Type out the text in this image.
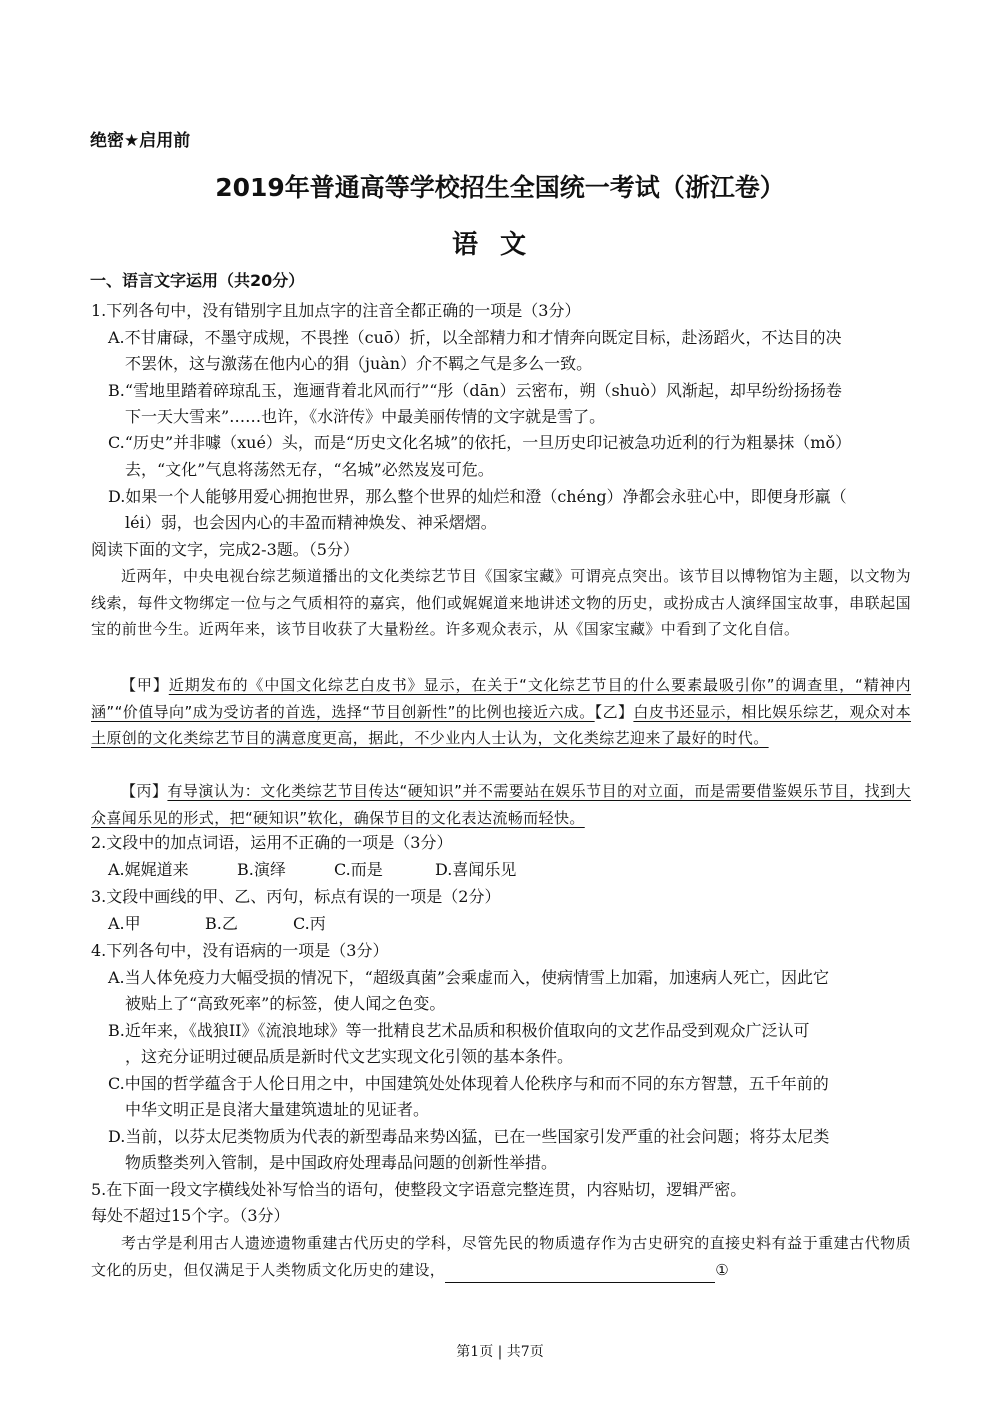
绝密★启用前
2019年普通高等学校招生全国统一考试（浙江卷）
语文
一、语言文字运用（共20分）
1.下列各句中，没有错别字且加点字的注音全都正确的一项是（3分）
A.不甘庸碌，不墨守成规，不畏挫（cuō）折，以全部精力和才情奔向既定目标，赴汤蹈火，不达目的决
不罢休，这与激荡在他内心的狷（juàn）介不羁之气是多么一致。
B.“雪地里踏着碎琼乱玉，迤逦背着北风而行”“彤（dān）云密布，朔（shuò）风渐起，却早纷纷扬扬卷
下一天大雪来”……也许，《水浒传》中最美丽传情的文字就是雪了。
C.“历史”并非噱（xué）头，而是“历史文化名城”的依托，一旦历史印记被急功近利的行为粗暴抹（mǒ）
去，“文化”气息将荡然无存，“名城”必然岌岌可危。
D.如果一个人能够用爱心拥抱世界，那么整个世界的灿烂和澄（chéng）净都会永驻心中，即便身形羸（
léi）弱，也会因内心的丰盈而精神焕发、神采熠熠。
阅读下面的文字，完成2-3题。（5分）
近两年，中央电视台综艺频道播出的文化类综艺节目《国家宝藏》可谓亮点突出。该节目以博物馆为主题，以文物为线索，每件文物绑定一位与之气质相符的嘉宾，他们或娓娓道来地讲述文物的历史，或扮成古人演绎国宝故事，串联起国宝的前世今生。近两年来，该节目收获了大量粉丝。许多观众表示，从《国家宝藏》中看到了文化自信。
【甲】近期发布的《中国文化综艺白皮书》显示，在关于“文化综艺节目的什么要素最吸引你”的调查里，“精神内涵”“价值导向”成为受访者的首选，选择“节目创新性”的比例也接近六成。【乙】白皮书还显示，相比娱乐综艺，观众对本土原创的文化类综艺节目的满意度更高，据此，不少业内人士认为，文化类综艺迎来了最好的时代。
【丙】有导演认为：文化类综艺节目传达“硬知识”并不需要站在娱乐节目的对立面，而是需要借鉴娱乐节目，找到大众喜闻乐见的形式，把“硬知识”软化，确保节目的文化表达流畅而轻快。
2.文段中的加点词语，运用不正确的一项是（3分）
A.娓娓道来	B.演绎	C.而是	D.喜闻乐见
3.文段中画线的甲、乙、丙句，标点有误的一项是（2分）
A.甲	B.乙	C.丙
4.下列各句中，没有语病的一项是（3分）
A.当人体免疫力大幅受损的情况下，“超级真菌”会乘虚而入，使病情雪上加霜，加速病人死亡，因此它
被贴上了“高致死率”的标签，使人闻之色变。
B.近年来，《战狼II》《流浪地球》等一批精良艺术品质和积极价值取向的文艺作品受到观众广泛认可
，这充分证明过硬品质是新时代文艺实现文化引领的基本条件。
C.中国的哲学蕴含于人伦日用之中，中国建筑处处体现着人伦秩序与和而不同的东方智慧，五千年前的
中华文明正是良渚大量建筑遗址的见证者。
D.当前，以芬太尼类物质为代表的新型毒品来势凶猛，已在一些国家引发严重的社会问题；将芬太尼类
物质整类列入管制，是中国政府处理毒品问题的创新性举措。
5.在下面一段文字横线处补写恰当的语句，使整段文字语意完整连贯，内容贴切，逻辑严密。
每处不超过15个字。（3分）
考古学是利用古人遗迹遗物重建古代历史的学科，尽管先民的物质遗存作为古史研究的直接史料有益于重建古代物质文化的历史，但仅满足于人类物质文化历史的建设，	①
第1页 | 共7页
